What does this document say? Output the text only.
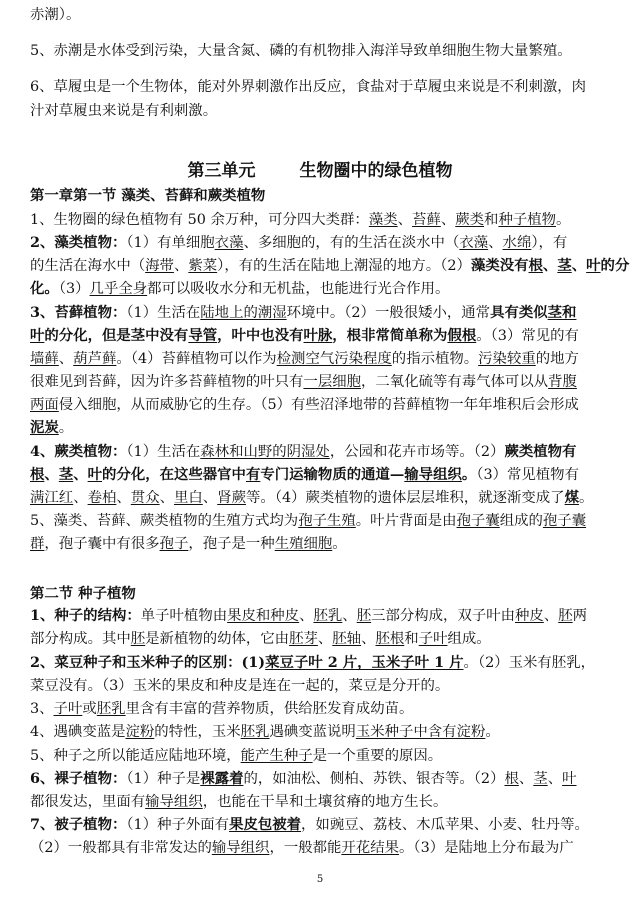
赤潮）。
5、赤潮是水体受到污染，大量含氮、磷的有机物排入海洋导致单细胞生物大量繁殖。
6、草履虫是一个生物体，能对外界刺激作出反应，食盐对于草履虫来说是不利刺激，肉
汁对草履虫来说是有利刺激。
第三单元	生物圈中的绿色植物
第一章第一节 藻类、苔藓和蕨类植物
1、生物圈的绿色植物有 50 余万种，可分四大类群：藻类、苔藓、蕨类和种子植物。
2、藻类植物：（1）有单细胞衣藻、多细胞的，有的生活在淡水中（衣藻、水绵），有
的生活在海水中（海带、紫菜），有的生活在陆地上潮湿的地方。（2）藻类没有根、茎、叶的分
化。（3）几乎全身都可以吸收水分和无机盐，也能进行光合作用。
3、苔藓植物：（1）生活在陆地上的潮湿环境中。（2）一般很矮小，通常具有类似茎和
叶的分化，但是茎中没有导管，叶中也没有叶脉，根非常简单称为假根。（3）常见的有
墙藓、葫芦藓。（4）苔藓植物可以作为检测空气污染程度的指示植物。污染较重的地方
很难见到苔藓，因为许多苔藓植物的叶只有一层细胞，二氧化硫等有毒气体可以从背腹
两面侵入细胞，从而威胁它的生存。（5）有些沼泽地带的苔藓植物一年年堆积后会形成
泥炭。
4、蕨类植物：（1）生活在森林和山野的阴湿处，公园和花卉市场等。（2）蕨类植物有
根、茎、叶的分化，在这些器官中有专门运输物质的通道—输导组织。（3）常见植物有
满江红、卷柏、贯众、里白、肾蕨等。（4）蕨类植物的遗体层层堆积，就逐渐变成了煤。
5、藻类、苔藓、蕨类植物的生殖方式均为孢子生殖。叶片背面是由孢子囊组成的孢子囊
群，孢子囊中有很多孢子，孢子是一种生殖细胞。
第二节 种子植物
1、种子的结构：单子叶植物由果皮和种皮、胚乳、胚三部分构成，双子叶由种皮、胚两
部分构成。其中胚是新植物的幼体，它由胚芽、胚轴、胚根和子叶组成。
2、菜豆种子和玉米种子的区别：(1)菜豆子叶 2 片，玉米子叶 1 片。（2）玉米有胚乳，
菜豆没有。（3）玉米的果皮和种皮是连在一起的，菜豆是分开的。
3、子叶或胚乳里含有丰富的营养物质，供给胚发育成幼苗。
4、遇碘变蓝是淀粉的特性，玉米胚乳遇碘变蓝说明玉米种子中含有淀粉。
5、种子之所以能适应陆地环境，能产生种子是一个重要的原因。
6、裸子植物：（1）种子是裸露着的，如油松、侧柏、苏铁、银杏等。（2）根、茎、叶
都很发达，里面有输导组织，也能在干旱和土壤贫瘠的地方生长。
7、被子植物：（1）种子外面有果皮包被着，如豌豆、荔枝、木瓜苹果、小麦、牡丹等。
（2）一般都具有非常发达的输导组织，一般都能开花结果。（3）是陆地上分布最为广
5
